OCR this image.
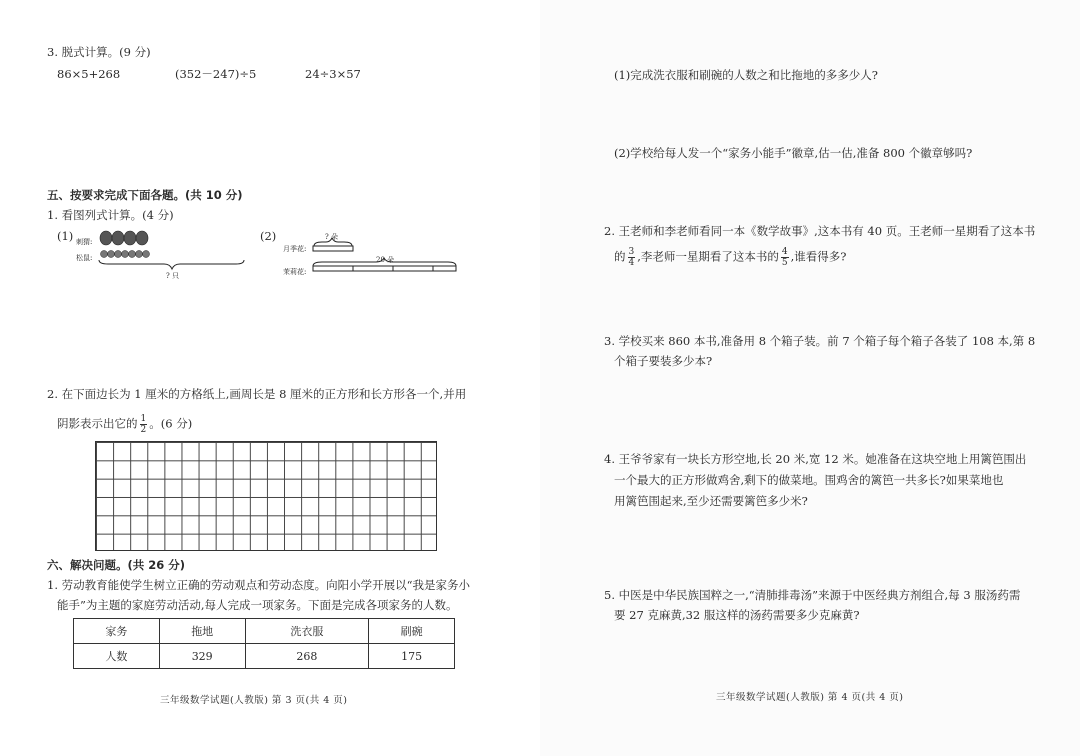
3. 脱式计算。(9 分)
86×5+268	(352－247)÷5	24÷3×57
五、按要求完成下面各题。(共 10 分)
1. 看图列式计算。(4 分)
(1) 刺猬:
松鼠:
? 只
(2)	? 朵
月季花:
20 朵
茉莉花:
2. 在下面边长为 1 厘米的方格纸上,画周长是 8 厘米的正方形和长方形各一个,并用
阴影表示出它的 $\frac{1}{2}$ 。(6 分)
六、解决问题。(共 26 分)
1. 劳动教育能使学生树立正确的劳动观点和劳动态度。向阳小学开展以“我是家务小
能手”为主题的家庭劳动活动,每人完成一项家务。下面是完成各项家务的人数。
家务	拖地	洗衣服	刷碗
人数	329	268	175
三年级数学试题(人教版) 第 3 页(共 4 页)
(1)完成洗衣服和刷碗的人数之和比拖地的多多少人?
(2)学校给每人发一个“家务小能手”徽章,估一估,准备 800 个徽章够吗?
2. 王老师和李老师看同一本《数学故事》,这本书有 40 页。王老师一星期看了这本书
的 $\frac{3}{4}$ ,李老师一星期看了这本书的 $\frac{4}{5}$ ,谁看得多?
3. 学校买来 860 本书,准备用 8 个箱子装。前 7 个箱子每个箱子各装了 108 本,第 8
个箱子要装多少本?
4. 王爷爷家有一块长方形空地,长 20 米,宽 12 米。她准备在这块空地上用篱笆围出
一个最大的正方形做鸡舍,剩下的做菜地。围鸡舍的篱笆一共多长?如果菜地也
用篱笆围起来,至少还需要篱笆多少米?
5. 中医是中华民族国粹之一,“清肺排毒汤”来源于中医经典方剂组合,每 3 服汤药需
要 27 克麻黄,32 服这样的汤药需要多少克麻黄?
三年级数学试题(人教版) 第 4 页(共 4 页)
